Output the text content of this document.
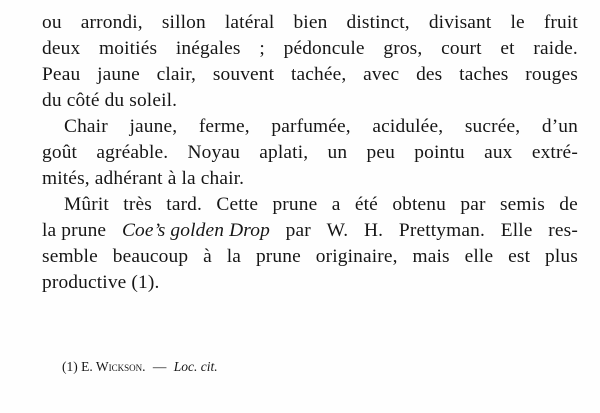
ou arrondi, sillon latéral bien distinct, divisant le fruit
deux moitiés inégales ; pédoncule gros, court et raide.
Peau jaune clair, souvent tachée, avec des taches rouges
du côté du soleil.
Chair jaune, ferme, parfumée, acidulée, sucrée, d’un
goût agréable. Noyau aplati, un peu pointu aux extré-
mités, adhérant à la chair.
Mûrit très tard. Cette prune a été obtenu par semis de
la prune Coe’s golden Drop par W. H. Prettyman. Elle res-
semble beaucoup à la prune originaire, mais elle est plus
productive (1).
(1) E. Wickson. — Loc. cit.
